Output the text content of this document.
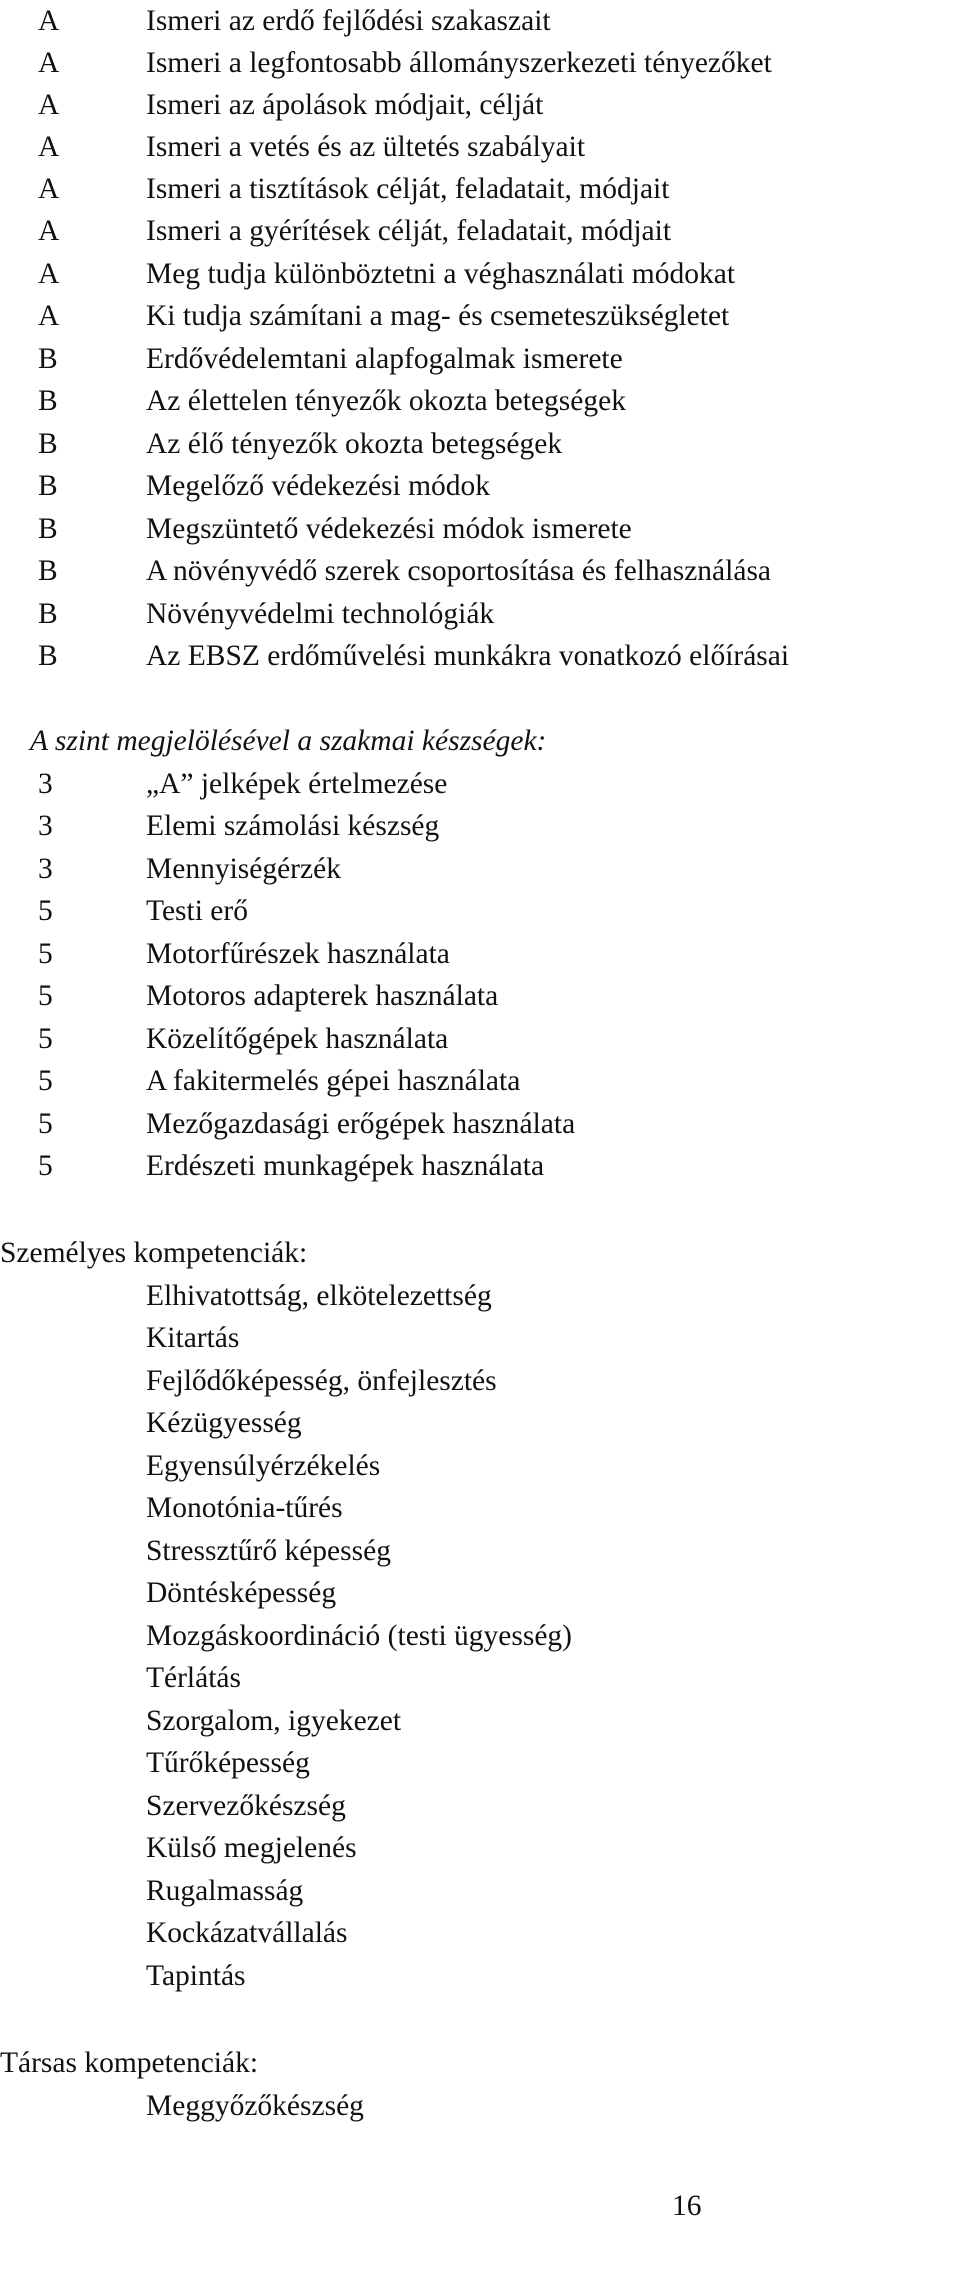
A	Ismeri az erdő fejlődési szakaszait
A	Ismeri a legfontosabb állományszerkezeti tényezőket
A	Ismeri az ápolások módjait, célját
A	Ismeri a vetés és az ültetés szabályait
A	Ismeri a tisztítások célját, feladatait, módjait
A	Ismeri a gyérítések célját, feladatait, módjait
A	Meg tudja különböztetni a véghasználati módokat
A	Ki tudja számítani a mag- és csemeteszükségletet
B	Erdővédelemtani alapfogalmak ismerete
B	Az élettelen tényezők okozta betegségek
B	Az élő tényezők okozta betegségek
B	Megelőző védekezési módok
B	Megszüntető védekezési módok ismerete
B	A növényvédő szerek csoportosítása és felhasználása
B	Növényvédelmi technológiák
B	Az EBSZ erdőművelési munkákra vonatkozó előírásai
A szint megjelölésével a szakmai készségek:
3	„A” jelképek értelmezése
3	Elemi számolási készség
3	Mennyiségérzék
5	Testi erő
5	Motorfűrészek használata
5	Motoros adapterek használata
5	Közelítőgépek használata
5	A fakitermelés gépei használata
5	Mezőgazdasági erőgépek használata
5	Erdészeti munkagépek használata
Személyes kompetenciák:
Elhivatottság, elkötelezettség
Kitartás
Fejlődőképesség, önfejlesztés
Kézügyesség
Egyensúlyérzékelés
Monotónia-tűrés
Stressztűrő képesség
Döntésképesség
Mozgáskoordináció (testi ügyesség)
Térlátás
Szorgalom, igyekezet
Tűrőképesség
Szervezőkészség
Külső megjelenés
Rugalmasság
Kockázatvállalás
Tapintás
Társas kompetenciák:
Meggyőzőkészség
16
